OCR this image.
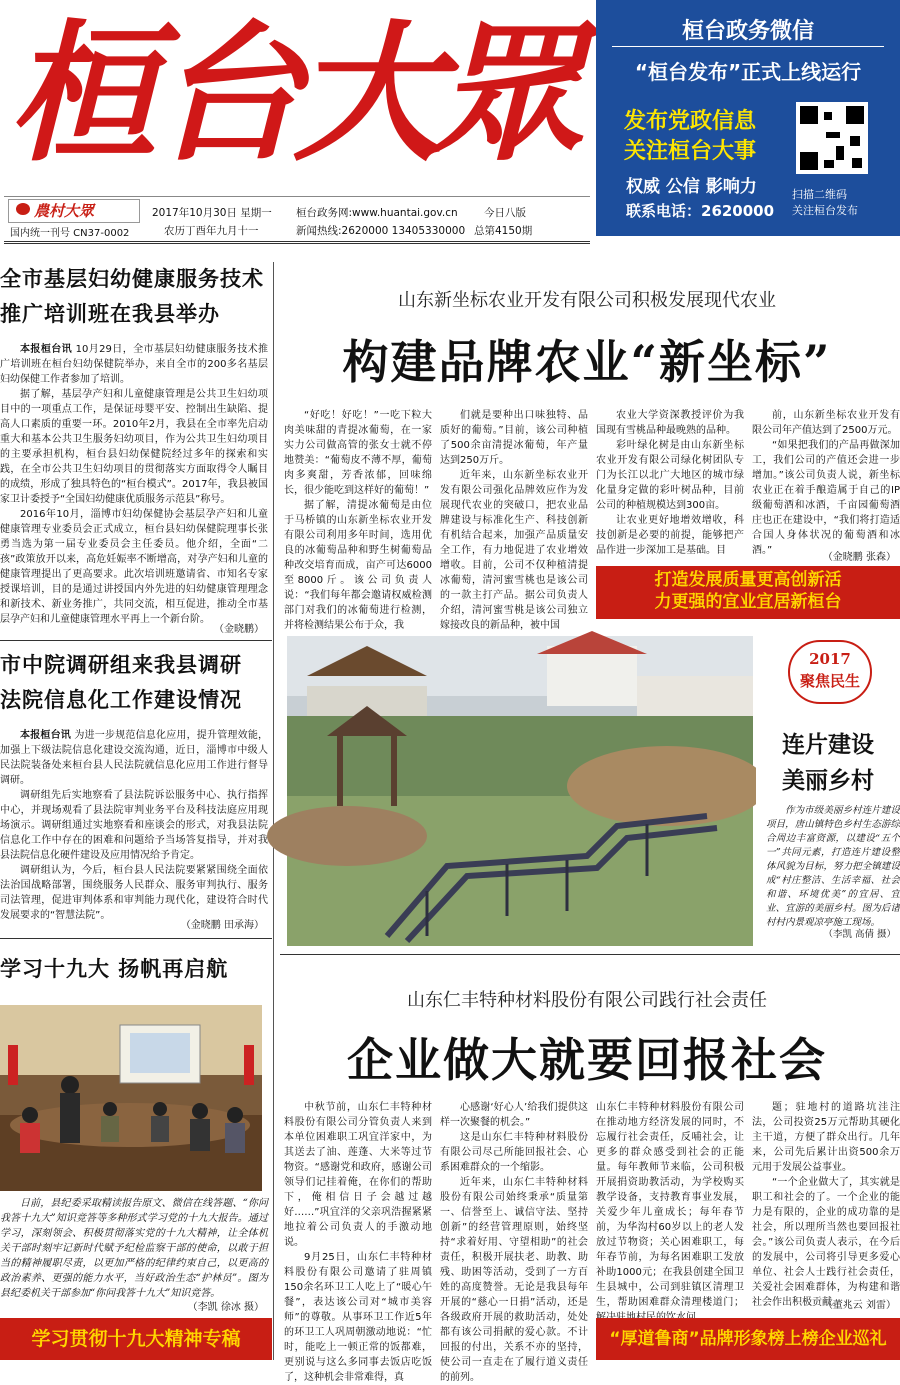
桓 台
大
眾
農村大眾
国内统一刊号 CN37-0002
2017年10月30日 星期一
农历丁酉年九月十一
桓台政务网:www.huantai.gov.cn
新闻热线:2620000 13405330000
今日八版
总第4150期
桓台政务微信
“桓台发布”正式上线运行
发布党政信息
关注桓台大事
权威 公信 影响力
联系电话：2620000
扫描二维码
关注桓台发布
全市基层妇幼健康服务技术
推广培训班在我县举办

本报桓台讯 10月29日，全市基层妇幼健康服务技术推广培训班在桓台妇幼保健院举办，来自全市的200多名基层妇幼保健工作者参加了培训。

据了解，基层孕产妇和儿童健康管理是公共卫生妇幼项目中的一项重点工作，是保证母婴平安、控制出生缺陷、提高人口素质的重要一环。2010年2月，我县在全市率先启动重大和基本公共卫生服务妇幼项目，作为公共卫生妇幼项目的主要承担机构，桓台县妇幼保健院经过多年的探索和实践，在全市公共卫生妇幼项目的贯彻落实方面取得令人瞩目的成绩，形成了独具特色的“桓台模式”。2017年，我县被国家卫计委授予“全国妇幼健康优质服务示范县”称号。

2016年10月，淄博市妇幼保健协会基层孕产妇和儿童健康管理专业委员会正式成立，桓台县妇幼保健院理事长张勇当选为第一届专业委员会主任委员。他介绍，全面“二孩”政策放开以来，高危妊娠率不断增高，对孕产妇和儿童的健康管理提出了更高要求。此次培训班邀请省、市知名专家授课培训，目的是通过讲授国内外先进的妇幼健康管理理念和新技术、新业务推广，共同交流，相互促进，推动全市基层孕产妇和儿童健康管理水平再上一个新台阶。

（金晓鹏）
市中院调研组来我县调研
法院信息化工作建设情况

本报桓台讯 为进一步规范信息化应用，提升管理效能，加强上下级法院信息化建设交流沟通，近日，淄博市中级人民法院装备处来桓台县人民法院就信息化应用工作进行督导调研。

调研组先后实地察看了县法院诉讼服务中心、执行指挥中心，并现场观看了县法院审判业务平台及科技法庭应用现场演示。调研组通过实地察看和座谈会的形式，对我县法院信息化工作中存在的困难和问题给予当场答复指导，并对我县法院信息化硬件建设及应用情况给予肯定。

调研组认为，今后，桓台县人民法院要紧紧围绕全面依法治国战略部署，围绕服务人民群众、服务审判执行、服务司法管理，促进审判体系和审判能力现代化，建设符合时代发展要求的“智慧法院”。

（金晓鹏 田承海）
学习十九大 扬帆再启航
日前，县纪委采取精读报告原文、微信在线答题、“你问我答十九大”知识竞答等多种形式学习党的十九大报告。通过学习，深刻领会、积极贯彻落实党的十九大精神，让全体机关干部时刻牢记新时代赋予纪检监察干部的使命，以敢于担当的精神履职尽责，以更加严格的纪律约束自己，以更高的政治素养、更强的能力水平，当好政治生态“护林员”。图为县纪委机关干部参加“你问我答十九大”知识竞答。
（李凯 徐冰 摄）
学习贯彻十九大精神专稿
山东新坐标农业开发有限公司积极发展现代农业
构建品牌农业“新坐标”

“好吃！好吃！”一吃下粒大肉美味甜的青提冰葡萄，在一家实力公司做高管的张女士就不停地赞美：“葡萄皮不薄不厚，葡萄肉多爽甜，芳香浓郁，回味绵长，很少能吃到这样好的葡萄！”

据了解，清提冰葡萄是由位于马桥镇的山东新坐标农业开发有限公司利用多年时间，选用优良的冰葡萄品种和野生树葡萄品种改交培育而成，亩产可达6000至8000斤。该公司负责人说：“我们每年都会邀请权威检测部门对我们的冰葡萄进行检测，并将检测结果公布于众，我

们就是要种出口味独特、品质好的葡萄。”目前，该公司种植了500余亩清提冰葡萄，年产量达到250万斤。

近年来，山东新坐标农业开发有限公司强化品牌效应作为发展现代农业的突破口，把农业品牌建设与标准化生产、科技创新有机结合起来，加强产品质量安全工作，有力地促进了农业增效增收。目前，公司不仅种植清提冰葡萄，清河蜜雪桃也是该公司的一款主打产品。据公司负责人介绍，清河蜜雪桃是该公司独立嫁接改良的新品种，被中国

农业大学资深教授评价为我国现有雪桃品种最晚熟的品种。

彩叶绿化树是由山东新坐标农业开发有限公司绿化树团队专门为长江以北广大地区的城市绿化量身定做的彩叶树品种，目前公司的种植规模达到300亩。

让农业更好地增效增收，科技创新是必要的前提，能够把产品作进一步深加工是基础。目

前，山东新坐标农业开发有限公司年产值达到了2500万元。

“如果把我们的产品再做深加工，我们公司的产值还会进一步增加。”该公司负责人说，新坐标农业正在着手酿造属于自己的IP级葡萄酒和冰酒，千亩园葡萄酒庄也正在建设中，“我们将打造适合国人身体状况的葡萄酒和冰酒。”

（金晓鹏 张森）
打造发展质量更高创新活
力更强的宜业宜居新桓台
2017
聚焦民生
连片建设
美丽乡村
作为市级美丽乡村连片建设项目，唐山镇特色乡村生态游综合周边丰富资源，以建设“五个一”共同元素，打造连片建设整体风貌为目标，努力把全镇建设成“村庄整洁、生活幸福、社会和谐、环境优美”的宜居、宜业、宜游的美丽乡村。图为后诸村村内景观凉亭施工现场。
（李凯 高倩 摄）
山东仁丰特种材料股份有限公司践行社会责任
企业做大就要回报社会

中秋节前，山东仁丰特种材料股份有限公司分管负责人来到本单位困难职工巩宜洋家中，为其送去了油、莲蓬、大米等过节物资。“感谢党和政府，感谢公司领导们记挂着俺，在你们的帮助下，俺相信日子会越过越好……”巩宜洋的父亲巩浩握紧紧地拉着公司负责人的手激动地说。

9月25日，山东仁丰特种材料股份有限公司邀请了驻周镇150余名环卫工人吃上了“暖心午餐”，表达该公司对“城市美容师”的尊敬。从事环卫工作近5年的环卫工人巩周朝激动地说：“忙时，能吃上一顿正常的饭都难，更别说与这么多同事去饭店吃饭了，这种机会非常难得，真

心感谢‘好心人’给我们提供这样一次聚餐的机会。”

这是山东仁丰特种材料股份有限公司尽己所能回报社会、心系困难群众的一个缩影。

近年来，山东仁丰特种材料股份有限公司始终秉承“质量第一、信誉至上、诚信守法、坚持创新”的经营管理原则，始终坚持“求着好用、守望相助”的社会责任，积极开展扶老、助教、助残、助困等活动，受到了一方百姓的高度赞誉。无论是我县每年开展的“慈心一日捐”活动，还是各级政府开展的救助活动，处处都有该公司捐献的爱心款。不计回报的付出，关系不亦的坚持，使公司一直走在了履行道义责任的前列。

山东仁丰特种材料股份有限公司在推动地方经济发展的同时，不忘履行社会责任，反哺社会，让更多的群众感受到社会的正能量。每年教师节来临，公司积极开展捐资助教活动，为学校购买教学设备，支持教育事业发展，关爱少年儿童成长；每年春节前，为华沟村60岁以上的老人发放过节物资；关心困难职工，每年春节前，为每名困难职工发放补助1000元；在我县创建全国卫生县城中，公司到驻镇区清理卫生，帮助困难群众清理楼道门；

题；驻地村的道路坑洼注法，公司投资25万元帮助其硬化主干道，方便了群众出行。几年来，公司先后累计出资500余万元用于发展公益事业。

“一个企业做大了，其实就是职工和社会的了。一个企业的能力是有限的，企业的成功靠的是社会，所以理所当然也要回报社会。”该公司负责人表示，在今后的发展中，公司将引导更多爱心单位、社会人士践行社会责任，关爱社会困难群体，为构建和谐社会作出积极贡献。

（董兆云 刘雷）
“厚道鲁商”品牌形象榜上榜企业巡礼
